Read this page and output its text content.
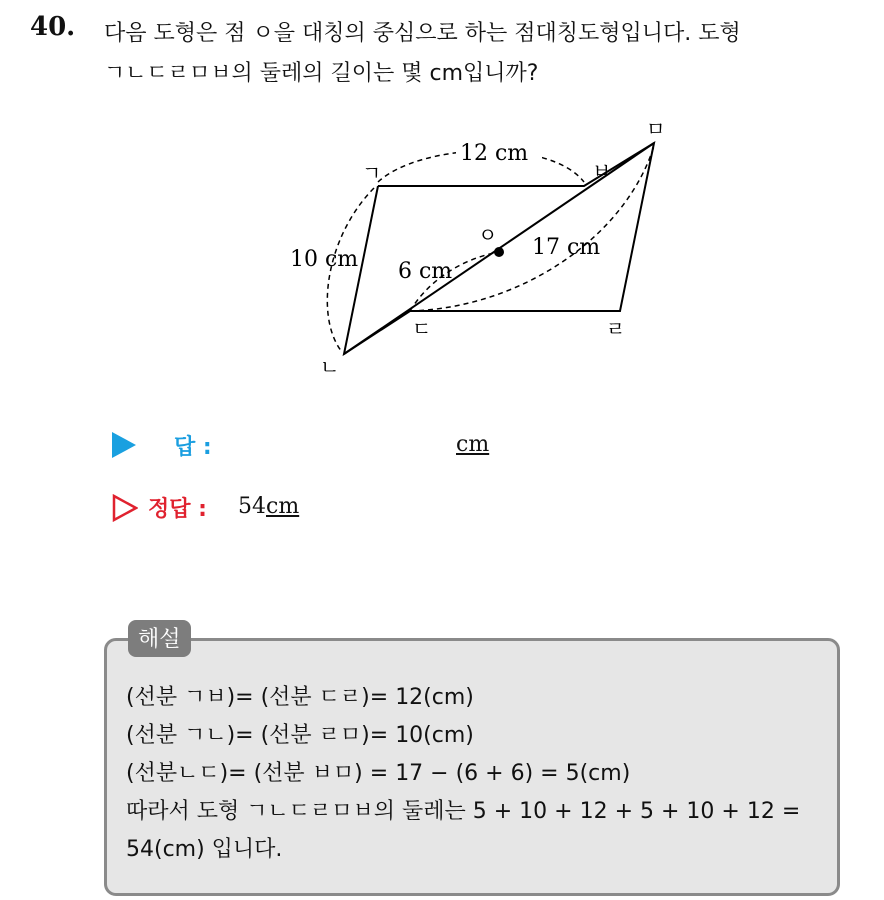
40. 다음 도형은 점 ㅇ을 대칭의 중심으로 하는 점대칭도형입니다. 도형
ㄱㄴㄷㄹㅁㅂ의 둘레의 길이는 몇 cm입니까?
ㄱ
ㄴ
ㄷ	ㄹ
ㅁ
ㅂ
ㅇ
12 cm
10 cm 6 cm
17 cm
답 :	cm
정답 : 54cm
해설
(선분 ㄱㅂ)= (선분 ㄷㄹ)= 12(cm)
(선분 ㄱㄴ)= (선분 ㄹㅁ)= 10(cm)
(선분ㄴㄷ)= (선분 ㅂㅁ) = 17 − (6 + 6) = 5(cm)
따라서 도형 ㄱㄴㄷㄹㅁㅂ의 둘레는 5 + 10 + 12 + 5 + 10 + 12 =
54(cm) 입니다.
